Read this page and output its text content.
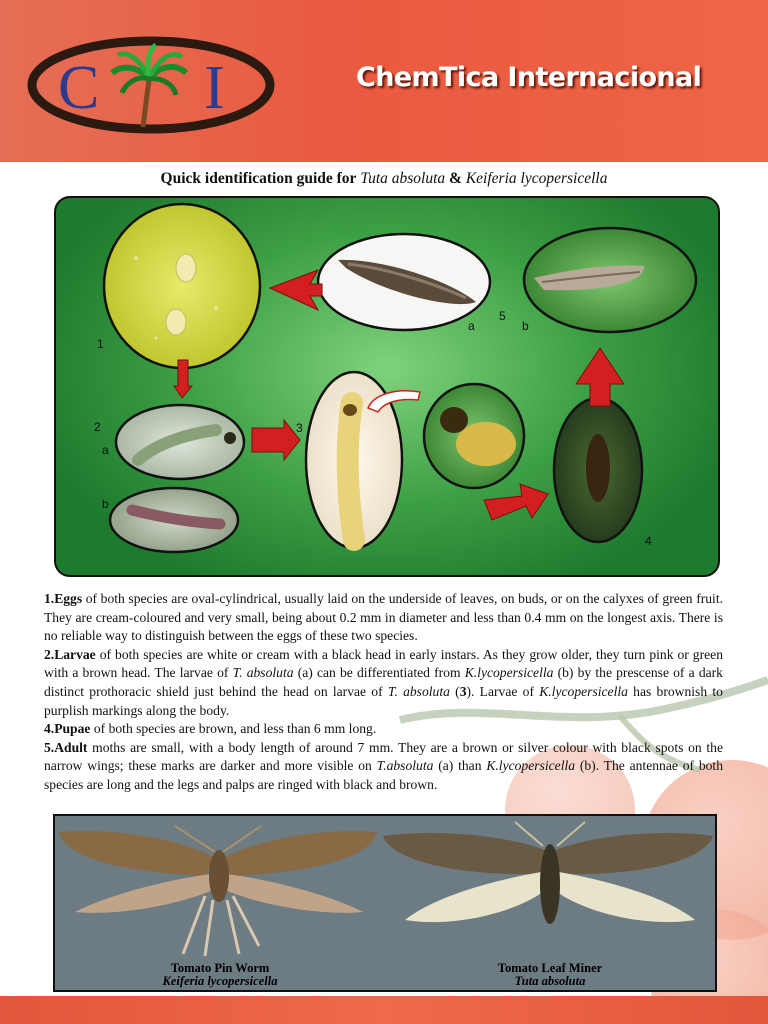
C I	ChemTica Internacional
Quick identification guide for Tuta absoluta & Keiferia lycopersicella
1
2
a
b
3
4
5
a	b

1.Eggs of both species are oval-cylindrical, usually laid on the underside of leaves, on buds, or on the calyxes of green fruit. They are cream-coloured and very small, being about 0.2 mm in diameter and less than 0.4 mm on the longest axis. There is no reliable way to distinguish between the eggs of these two species.

2.Larvae of both species are white or cream with a black head in early instars. As they grow older, they turn pink or green with a brown head. The larvae of T. absoluta (a) can be differentiated from K.lycopersicella (b) by the prescense of a dark distinct prothoracic shield just behind the head on larvae of T. absoluta (3). Larvae of K.lycopersicella has brownish to purplish markings along the body.

4.Pupae of both species are brown, and less than 6 mm long.

5.Adult moths are small, with a body length of around 7 mm. They are a brown or silver colour with black spots on the narrow wings; these marks are darker and more visible on T.absoluta (a) than K.lycopersicella (b). The antennae of both species are long and the legs and palps are ringed with black and brown.

Tomato Pin Worm
Keiferia lycopersicella
Tomato Leaf Miner
Tuta absoluta
